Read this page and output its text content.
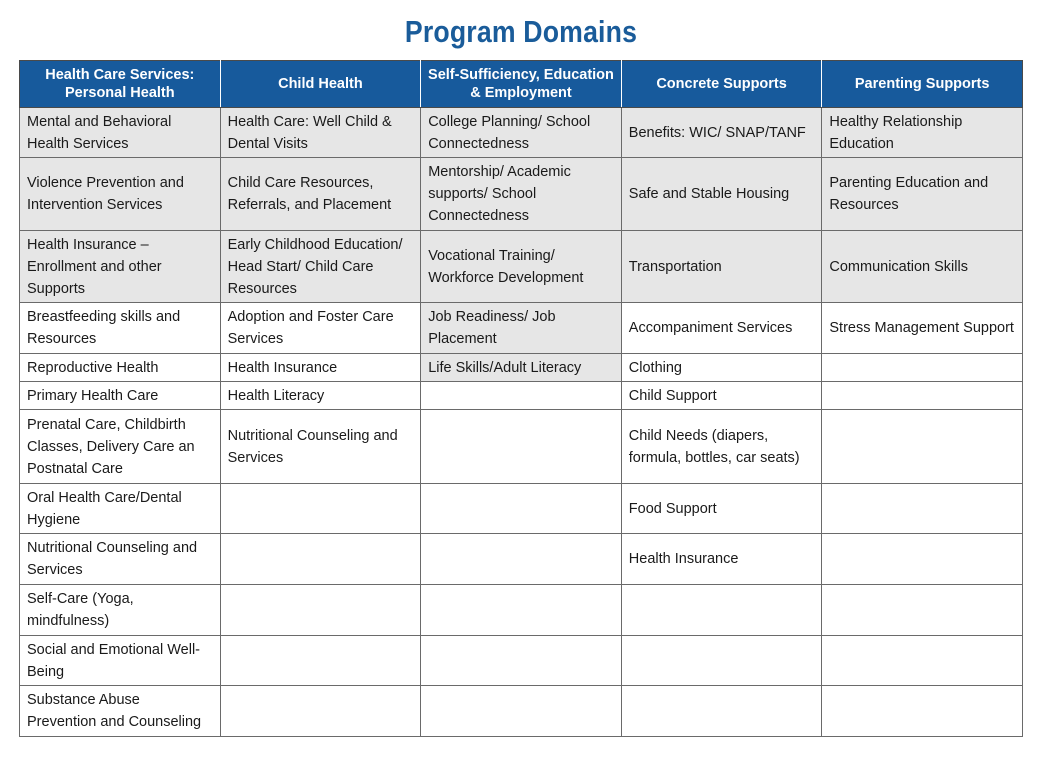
Program Domains
Health Care Services: Personal Health	Child Health	Self-Sufficiency, Education & Employment	Concrete Supports	Parenting Supports
Mental and Behavioral Health Services	Health Care: Well Child & Dental Visits	College Planning/ School Connectedness	Benefits: WIC/ SNAP/TANF	Healthy Relationship Education
Violence Prevention and Intervention Services	Child Care Resources, Referrals, and Placement	Mentorship/ Academic supports/ School Connectedness	Safe and Stable Housing	Parenting Education and Resources
Health Insurance – Enrollment and other Supports	Early Childhood Education/ Head Start/ Child Care Resources	Vocational Training/ Workforce Development	Transportation	Communication Skills
Breastfeeding skills and Resources	Adoption and Foster Care Services	Job Readiness/ Job Placement	Accompaniment Services	Stress Management Support
Reproductive Health	Health Insurance	Life Skills/Adult Literacy	Clothing	
Primary Health Care	Health Literacy		Child Support	
Prenatal Care, Childbirth Classes, Delivery Care an Postnatal Care	Nutritional Counseling and Services		Child Needs (diapers, formula, bottles, car seats)	
Oral Health Care/Dental Hygiene			Food Support	
Nutritional Counseling and Services			Health Insurance	
Self-Care (Yoga, mindfulness)				
Social and Emotional Well-Being				
Substance Abuse Prevention and Counseling				
